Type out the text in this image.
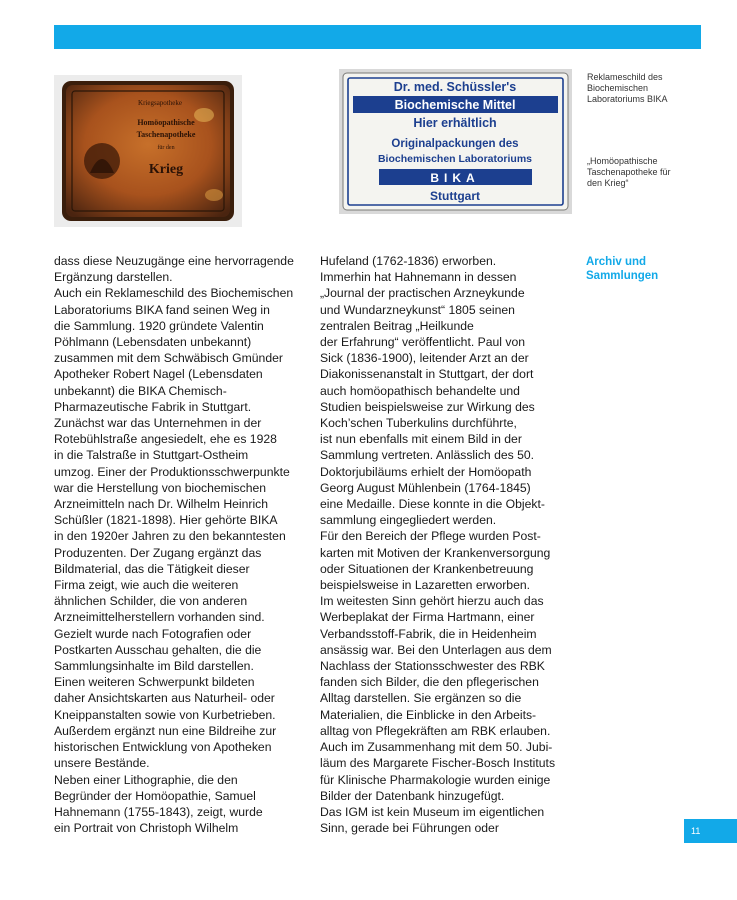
Kriegsapotheke
Homöopathische
Taschenapotheke
für den
Krieg
Dr. med. Schüssler's
Biochemische Mittel
Hier erhältlich
Originalpackungen des
Biochemischen Laboratoriums
BIKA
Stuttgart
Reklameschild des
Biochemischen
Laboratoriums BIKA
„Homöopathische
Taschenapotheke für
den Krieg“
dass diese Neuzugänge eine hervorragende
Ergänzung darstellen.
Auch ein Reklameschild des Biochemischen
Laboratoriums BIKA fand seinen Weg in
die Sammlung. 1920 gründete Valentin
Pöhlmann (Lebensdaten unbekannt)
zusammen mit dem Schwäbisch Gmünder
Apotheker Robert Nagel (Lebensdaten
unbekannt) die BIKA Chemisch-
Pharmazeutische Fabrik in Stuttgart.
Zunächst war das Unternehmen in der
Rotebühlstraße angesiedelt, ehe es 1928
in die Talstraße in Stuttgart-Ostheim
umzog. Einer der Produktionsschwerpunkte
war die Herstellung von biochemischen
Arzneimitteln nach Dr. Wilhelm Heinrich
Schüßler (1821-1898). Hier gehörte BIKA
in den 1920er Jahren zu den bekanntesten
Produzenten. Der Zugang ergänzt das
Bildmaterial, das die Tätigkeit dieser
Firma zeigt, wie auch die weiteren
ähnlichen Schilder, die von anderen
Arzneimittelherstellern vorhanden sind.
Gezielt wurde nach Fotografien oder
Postkarten Ausschau gehalten, die die
Sammlungsinhalte im Bild darstellen.
Einen weiteren Schwerpunkt bildeten
daher Ansichtskarten aus Naturheil- oder
Kneippanstalten sowie von Kurbetrieben.
Außerdem ergänzt nun eine Bildreihe zur
historischen Entwicklung von Apotheken
unsere Bestände.
Neben einer Lithographie, die den
Begründer der Homöopathie, Samuel
Hahnemann (1755-1843), zeigt, wurde
ein Portrait von Christoph Wilhelm
Hufeland (1762-1836) erworben.
Immerhin hat Hahnemann in dessen
„Journal der practischen Arzneykunde
und Wundarzneykunst“ 1805 seinen
zentralen Beitrag „Heilkunde
der Erfahrung“ veröffentlicht. Paul von
Sick (1836-1900), leitender Arzt an der
Diakonissenanstalt in Stuttgart, der dort
auch homöopathisch behandelte und
Studien beispielsweise zur Wirkung des
Koch’schen Tuberkulins durchführte,
ist nun ebenfalls mit einem Bild in der
Sammlung vertreten. Anlässlich des 50.
Doktorjubiläums erhielt der Homöopath
Georg August Mühlenbein (1764-1845)
eine Medaille. Diese konnte in die Objekt-
sammlung eingegliedert werden.
Für den Bereich der Pflege wurden Post-
karten mit Motiven der Krankenversorgung
oder Situationen der Krankenbetreuung
beispielsweise in Lazaretten erworben.
Im weitesten Sinn gehört hierzu auch das
Werbeplakat der Firma Hartmann, einer
Verbandsstoff-Fabrik, die in Heidenheim
ansässig war. Bei den Unterlagen aus dem
Nachlass der Stationsschwester des RBK
fanden sich Bilder, die den pflegerischen
Alltag darstellen. Sie ergänzen so die
Materialien, die Einblicke in den Arbeits-
alltag von Pflegekräften am RBK erlauben.
Auch im Zusammenhang mit dem 50. Jubi-
läum des Margarete Fischer-Bosch Instituts
für Klinische Pharmakologie wurden einige
Bilder der Datenbank hinzugefügt.
Das IGM ist kein Museum im eigentlichen
Sinn, gerade bei Führungen oder
Archiv und
Sammlungen
11
